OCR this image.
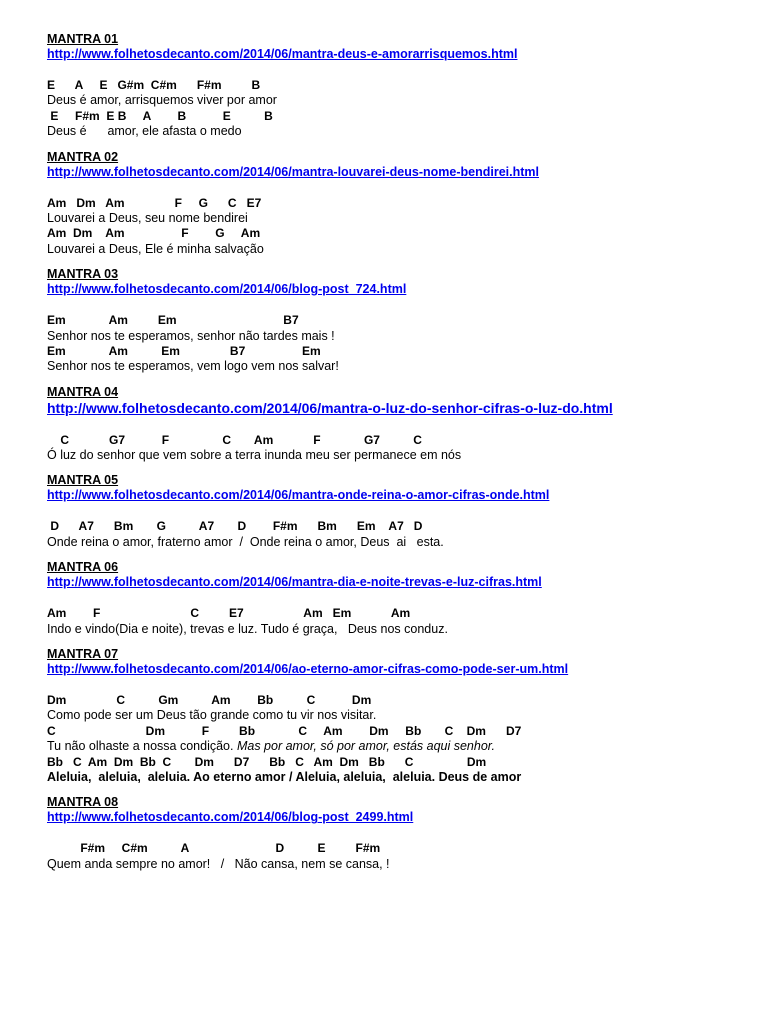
MANTRA 01
http://www.folhetosdecanto.com/2014/06/mantra-deus-e-amorarrisquemos.html
E      A     E   G#m  C#m      F#m         B
Deus é amor, arrisquemos viver por amor
E     F#m  E B     A        B           E          B
Deus é      amor, ele afasta o medo
MANTRA 02
http://www.folhetosdecanto.com/2014/06/mantra-louvarei-deus-nome-bendirei.html
Am   Dm   Am               F     G      C   E7
Louvarei a Deus, seu nome bendirei
Am  Dm    Am                 F        G     Am
Louvarei a Deus, Ele é minha salvação
MANTRA 03
http://www.folhetosdecanto.com/2014/06/blog-post_724.html
Em             Am         Em                                B7
Senhor nos te esperamos, senhor não tardes mais !
Em             Am          Em               B7                 Em
Senhor nos te esperamos, vem logo vem nos salvar!
MANTRA 04
http://www.folhetosdecanto.com/2014/06/mantra-o-luz-do-senhor-cifras-o-luz-do.html
C            G7           F                C       Am            F             G7          C
Ó luz do senhor que vem sobre a terra inunda meu ser permanece em nós
MANTRA 05
http://www.folhetosdecanto.com/2014/06/mantra-onde-reina-o-amor-cifras-onde.html
D      A7      Bm       G          A7       D        F#m      Bm      Em    A7   D
Onde reina o amor, fraterno amor  /  Onde reina o amor, Deus  ai   esta.
MANTRA 06
http://www.folhetosdecanto.com/2014/06/mantra-dia-e-noite-trevas-e-luz-cifras.html
Am        F                           C         E7                  Am   Em            Am
Indo e vindo(Dia e noite), trevas e luz. Tudo é graça,   Deus nos conduz.
MANTRA 07
http://www.folhetosdecanto.com/2014/06/ao-eterno-amor-cifras-como-pode-ser-um.html
Dm               C          Gm          Am        Bb          C           Dm
Como pode ser um Deus tão grande como tu vir nos visitar.
C                           Dm           F         Bb             C     Am        Dm     Bb       C    Dm      D7
Tu não olhaste a nossa condição. Mas por amor, só por amor, estás aqui senhor.
Bb   C  Am  Dm  Bb  C       Dm      D7      Bb   C   Am  Dm   Bb      C                Dm
Aleluia,  aleluia,  aleluia. Ao eterno amor / Aleluia, aleluia,  aleluia. Deus de amor
MANTRA 08
http://www.folhetosdecanto.com/2014/06/blog-post_2499.html
F#m     C#m          A                          D          E         F#m
Quem anda sempre no amor!   /   Não cansa, nem se cansa, !
